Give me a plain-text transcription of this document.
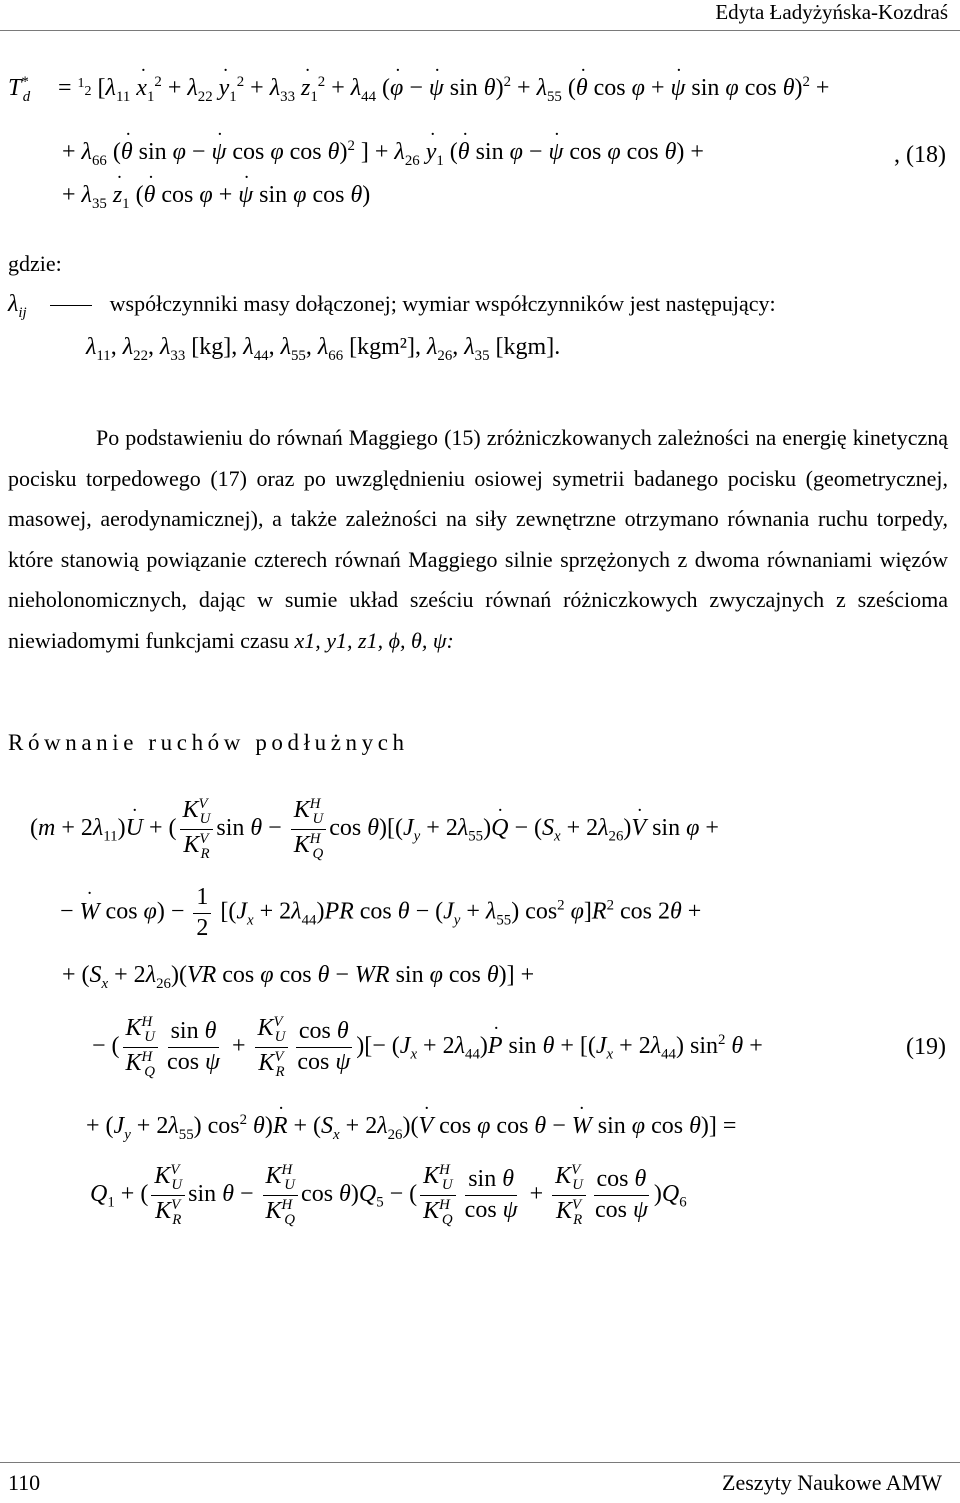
Edyta Ładyżyńska-Kozdraś
$T^*_d = ^12$ [$\lambda_{11}$ x $˙_1^2 + \lambda_{22}$ y $˙_1^2 + \lambda_{33}$ z $˙_1^2 + \lambda_{44}$ (φ ˙ − ψ ˙ $\sin \theta)^2 + \lambda_{55}$ (θ ˙ cos φ + ψ ˙ sin φ cos θ)$^2$ +
+ $\lambda_{66}$ (θ ˙ sin φ − ψ ˙ cos φ cos θ)$^2$ ] + $\lambda_{26}$ y $˙_1$ (θ ˙ sin φ − ψ ˙ cos φ cos θ) +	, (18)
+ $\lambda_{35}$ z $˙_1$ (θ ˙ cos φ + ψ ˙ sin φ cos θ)
gdzie:
$\lambda_{ij}$	współczynniki masy dołączonej; wymiar współczynników jest następujący:
$\lambda_{11}$, $\lambda_{22}$, $\lambda_{33}$ [kg], $\lambda_{44}$, $\lambda_{55}$, $\lambda_{66}$ [kgm²], $\lambda_{26}$, $\lambda_{35}$ [kgm].
Po podstawieniu do równań Maggiego (15) zróżniczkowanych zależności na energię kinetyczną pocisku torpedowego (17) oraz po uwzględnieniu osiowej symetrii badanego pocisku (geometrycznej, masowej, aerodynamicznej), a także zależności na siły zewnętrzne otrzymano równania ruchu torpedy, które stanowią powiązanie czterech równań Maggiego silnie sprzężonych z dwoma równaniami więzów nieholonomicznych, dając w sumie układ sześciu równań różniczkowych zwyczajnych z sześcioma niewiadomymi funkcjami czasu x1, y1, z1, ϕ, θ, ψ:
Równanie ruchów podłużnych
$(m + 2\lambda_{11})U$ ˙ + ( $\frac{K^V_U}{K^V_R}$ $\sin \theta - \frac{K^H_U}{K^H_Q}$ $\cos \theta)[(J_y + 2\lambda_{55})Q$ ˙ − $(S_x + 2\lambda_{26})V$ ˙ sin φ +
− W ˙ $\cos \varphi) - \frac{1}{2} [(J_x + 2\lambda_{44})PR$ $\cos \theta - (J_y + \lambda_{55})$ $\cos^2 \varphi]R^2$ cos 2θ +
+ $(S_x + 2\lambda_{26})(VR$ cos φ cos θ − WR sin φ cos θ)] +
− ( $\frac{K^H_U}{K^H_Q} \frac{\text{sin θ}}{\text{cos ψ}} + \frac{K^V_U}{K^V_R} \frac{\text{cos θ}}{\text{cos ψ}}$ )[− $(J_x + 2\lambda_{44})P$ ˙ $\sin \theta + [(J_x + 2\lambda_{44})$ $\sin^2 \theta$ +	(19)
+ $(J_y + 2\lambda_{55})$ $\cos^2 \theta)R$ ˙ + $(S_x + 2\lambda_{26})(V$ ˙ cos φ cos θ − W ˙ sin φ cos θ)] =
$Q_1$ + ( $\frac{K^V_U}{K^V_R}$ $\sin \theta - \frac{K^H_U}{K^H_Q}$ $\cos \theta)Q_5$ − ( $\frac{K^H_U}{K^H_Q} \frac{\text{sin θ}}{\text{cos ψ}} + \frac{K^V_U}{K^V_R} \frac{\text{cos θ}}{\text{cos ψ}} )Q_6$
110	Zeszyty Naukowe AMW
